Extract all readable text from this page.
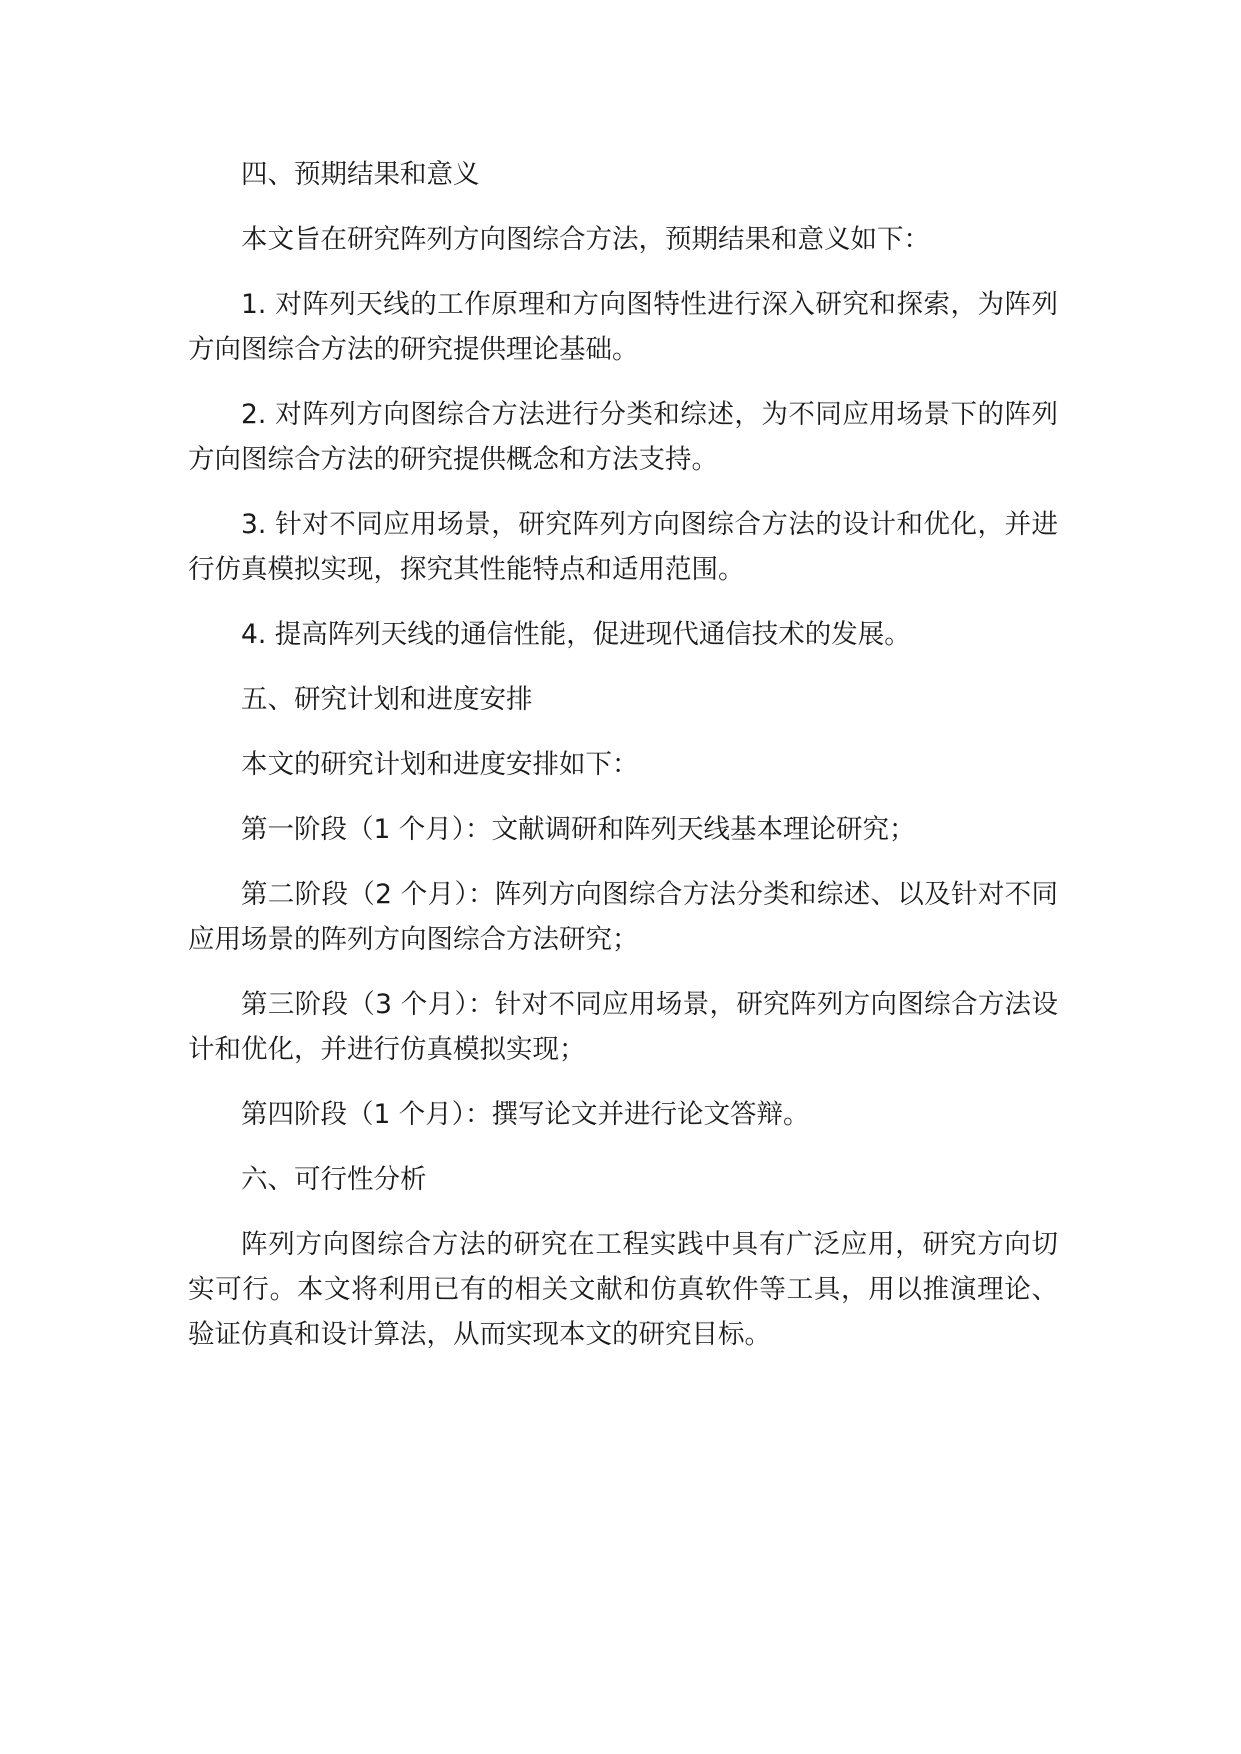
四、预期结果和意义

本文旨在研究阵列方向图综合方法，预期结果和意义如下：

1. 对阵列天线的工作原理和方向图特性进行深入研究和探索，为阵列方向图综合方法的研究提供理论基础。

2. 对阵列方向图综合方法进行分类和综述，为不同应用场景下的阵列方向图综合方法的研究提供概念和方法支持。

3. 针对不同应用场景，研究阵列方向图综合方法的设计和优化，并进行仿真模拟实现，探究其性能特点和适用范围。

4. 提高阵列天线的通信性能，促进现代通信技术的发展。

五、研究计划和进度安排

本文的研究计划和进度安排如下：

第一阶段（1 个月）：文献调研和阵列天线基本理论研究；

第二阶段（2 个月）：阵列方向图综合方法分类和综述、以及针对不同应用场景的阵列方向图综合方法研究；

第三阶段（3 个月）：针对不同应用场景，研究阵列方向图综合方法设计和优化，并进行仿真模拟实现；

第四阶段（1 个月）：撰写论文并进行论文答辩。

六、可行性分析

阵列方向图综合方法的研究在工程实践中具有广泛应用，研究方向切实可行。本文将利用已有的相关文献和仿真软件等工具，用以推演理论、验证仿真和设计算法，从而实现本文的研究目标。
